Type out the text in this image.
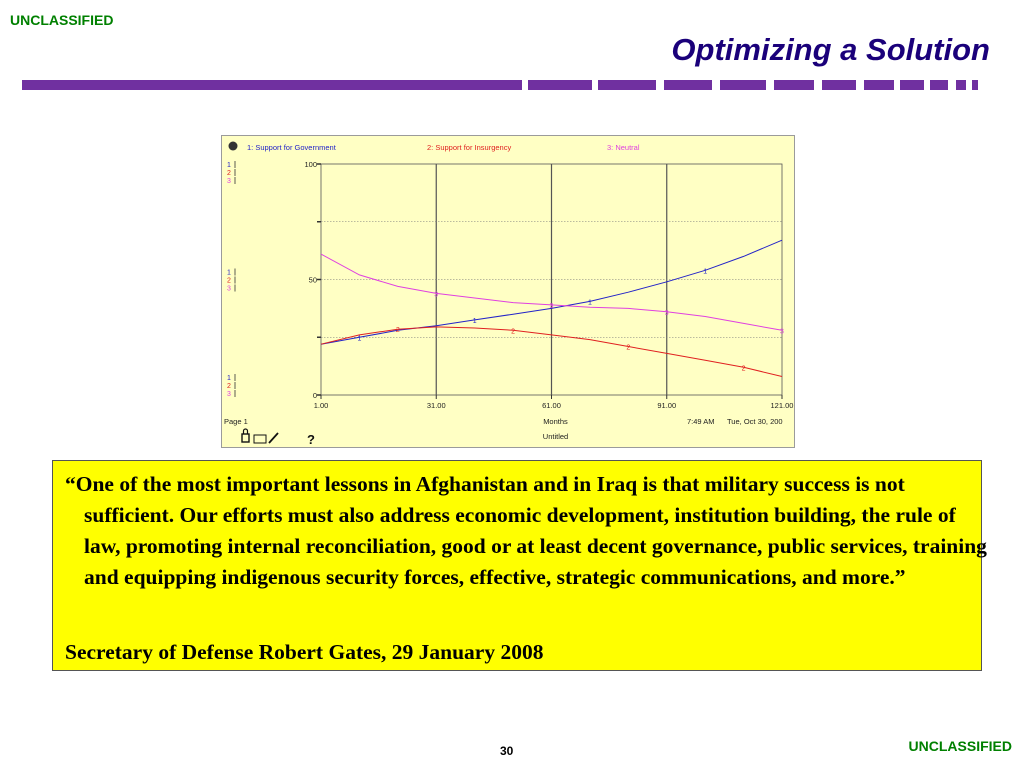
UNCLASSIFIED
Optimizing a Solution
1: Support for Government	2: Support for Insurgency	3: Neutral
1.00	31.00	61.00	91.00	121.00
0
50
100
1
2
3
1
2
3
1
2
3
1
1
1
1
2	2
2
2
3
3
3
3
Page 1	Months	7:49 AM Tue, Oct 30, 200
Untitled
?

“One of the most important lessons in Afghanistan and in Iraq is that military success is not sufficient. Our efforts must also address economic development, institution building, the rule of law, promoting internal reconciliation, good or at least decent governance, public services, training and equipping indigenous security forces, effective, strategic communications, and more.”

Secretary of Defense Robert Gates, 29 January 2008

30	UNCLASSIFIED
